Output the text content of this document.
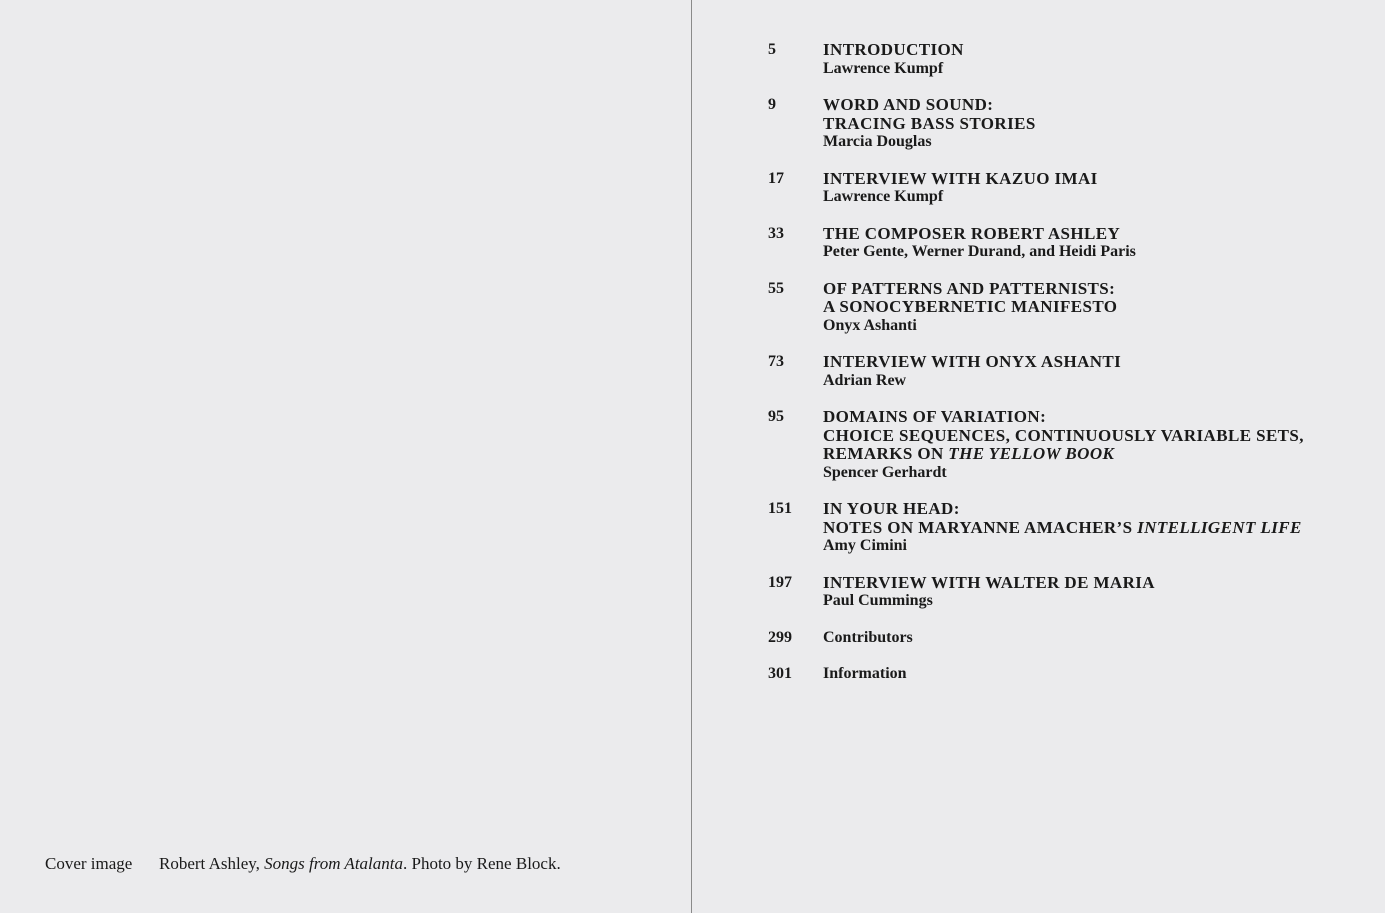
Cover image Robert Ashley, Songs from Atalanta. Photo by Rene Block.
5	INTRODUCTION
Lawrence Kumpf
9	WORD AND SOUND:
TRACING BASS STORIES
Marcia Douglas
17	INTERVIEW WITH KAZUO IMAI
Lawrence Kumpf
33	THE COMPOSER ROBERT ASHLEY
Peter Gente, Werner Durand, and Heidi Paris
55	OF PATTERNS AND PATTERNISTS:
A SONOCYBERNETIC MANIFESTO
Onyx Ashanti
73	INTERVIEW WITH ONYX ASHANTI
Adrian Rew
95	DOMAINS OF VARIATION:
CHOICE SEQUENCES, CONTINUOUSLY VARIABLE SETS,
REMARKS ON THE YELLOW BOOK
Spencer Gerhardt
151	IN YOUR HEAD:
NOTES ON MARYANNE AMACHER’S INTELLIGENT LIFE
Amy Cimini
197	INTERVIEW WITH WALTER DE MARIA
Paul Cummings
299	Contributors
301	Information
